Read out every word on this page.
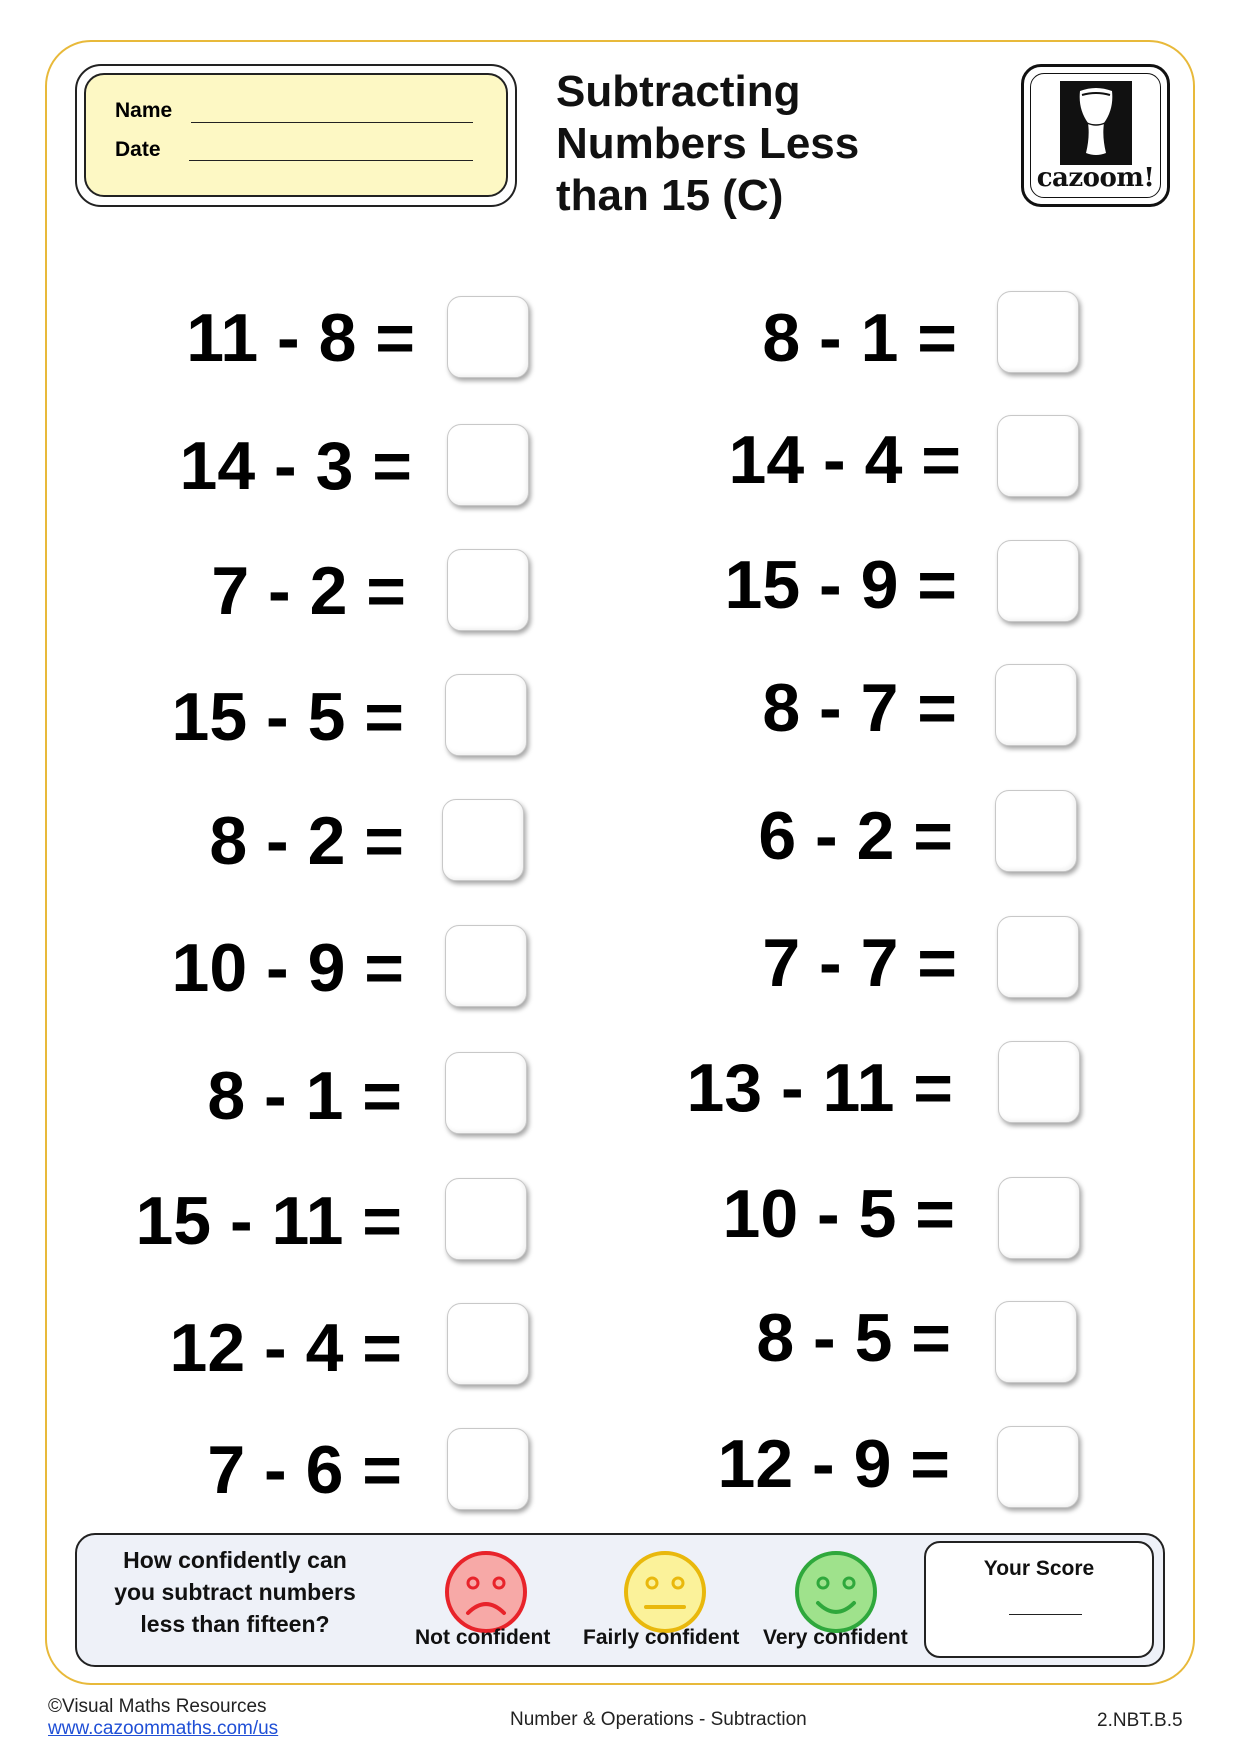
Name
Date
Subtracting
Numbers Less
than 15 (C)	cazoom!
11 - 8 =
14 - 3 =
7 - 2 =
15 - 5 =
8 - 2 =
10 - 9 =
8 - 1 =
15 - 11 =
12 - 4 =
7 - 6 =
8 - 1 =
14 - 4 =
15 - 9 =
8 - 7 =
6 - 2 =
7 - 7 =
13 - 11 =
10 - 5 =
8 - 5 =
12 - 9 =
How confidently can you subtract numbers less than fifteen?
Not confident Fairly confident Very confident
Your Score
©Visual Maths Resources
www.cazoommaths.com/us	Number & Operations - Subtraction	2.NBT.B.5
